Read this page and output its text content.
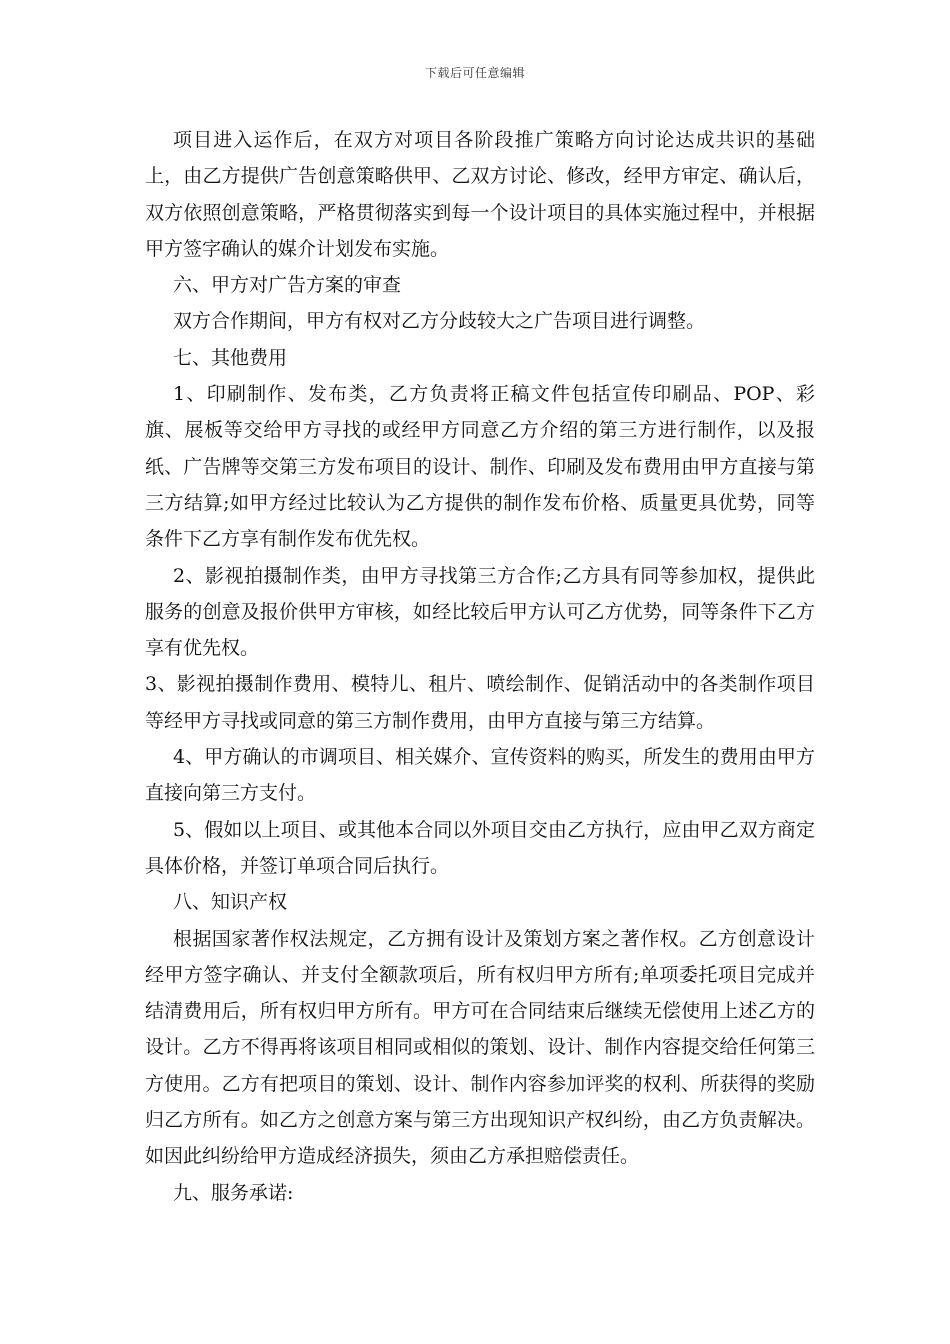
下载后可任意编辑

项目进入运作后，在双方对项目各阶段推广策略方向讨论达成共识的基础上，由乙方提供广告创意策略供甲、乙双方讨论、修改，经甲方审定、确认后，双方依照创意策略，严格贯彻落实到每一个设计项目的具体实施过程中，并根据甲方签字确认的媒介计划发布实施。

六、甲方对广告方案的审查

双方合作期间，甲方有权对乙方分歧较大之广告项目进行调整。

七、其他费用

1、印刷制作、发布类，乙方负责将正稿文件包括宣传印刷品、POP、彩旗、展板等交给甲方寻找的或经甲方同意乙方介绍的第三方进行制作，以及报纸、广告牌等交第三方发布项目的设计、制作、印刷及发布费用由甲方直接与第三方结算;如甲方经过比较认为乙方提供的制作发布价格、质量更具优势，同等条件下乙方享有制作发布优先权。

2、影视拍摄制作类，由甲方寻找第三方合作;乙方具有同等参加权，提供此服务的创意及报价供甲方审核，如经比较后甲方认可乙方优势，同等条件下乙方享有优先权。

3、影视拍摄制作费用、模特儿、租片、喷绘制作、促销活动中的各类制作项目等经甲方寻找或同意的第三方制作费用，由甲方直接与第三方结算。

4、甲方确认的市调项目、相关媒介、宣传资料的购买，所发生的费用由甲方直接向第三方支付。

5、假如以上项目、或其他本合同以外项目交由乙方执行，应由甲乙双方商定具体价格，并签订单项合同后执行。

八、知识产权

根据国家著作权法规定，乙方拥有设计及策划方案之著作权。乙方创意设计经甲方签字确认、并支付全额款项后，所有权归甲方所有;单项委托项目完成并结清费用后，所有权归甲方所有。甲方可在合同结束后继续无偿使用上述乙方的设计。乙方不得再将该项目相同或相似的策划、设计、制作内容提交给任何第三方使用。乙方有把项目的策划、设计、制作内容参加评奖的权利、所获得的奖励归乙方所有。如乙方之创意方案与第三方出现知识产权纠纷，由乙方负责解决。如因此纠纷给甲方造成经济损失，须由乙方承担赔偿责任。

九、服务承诺:
